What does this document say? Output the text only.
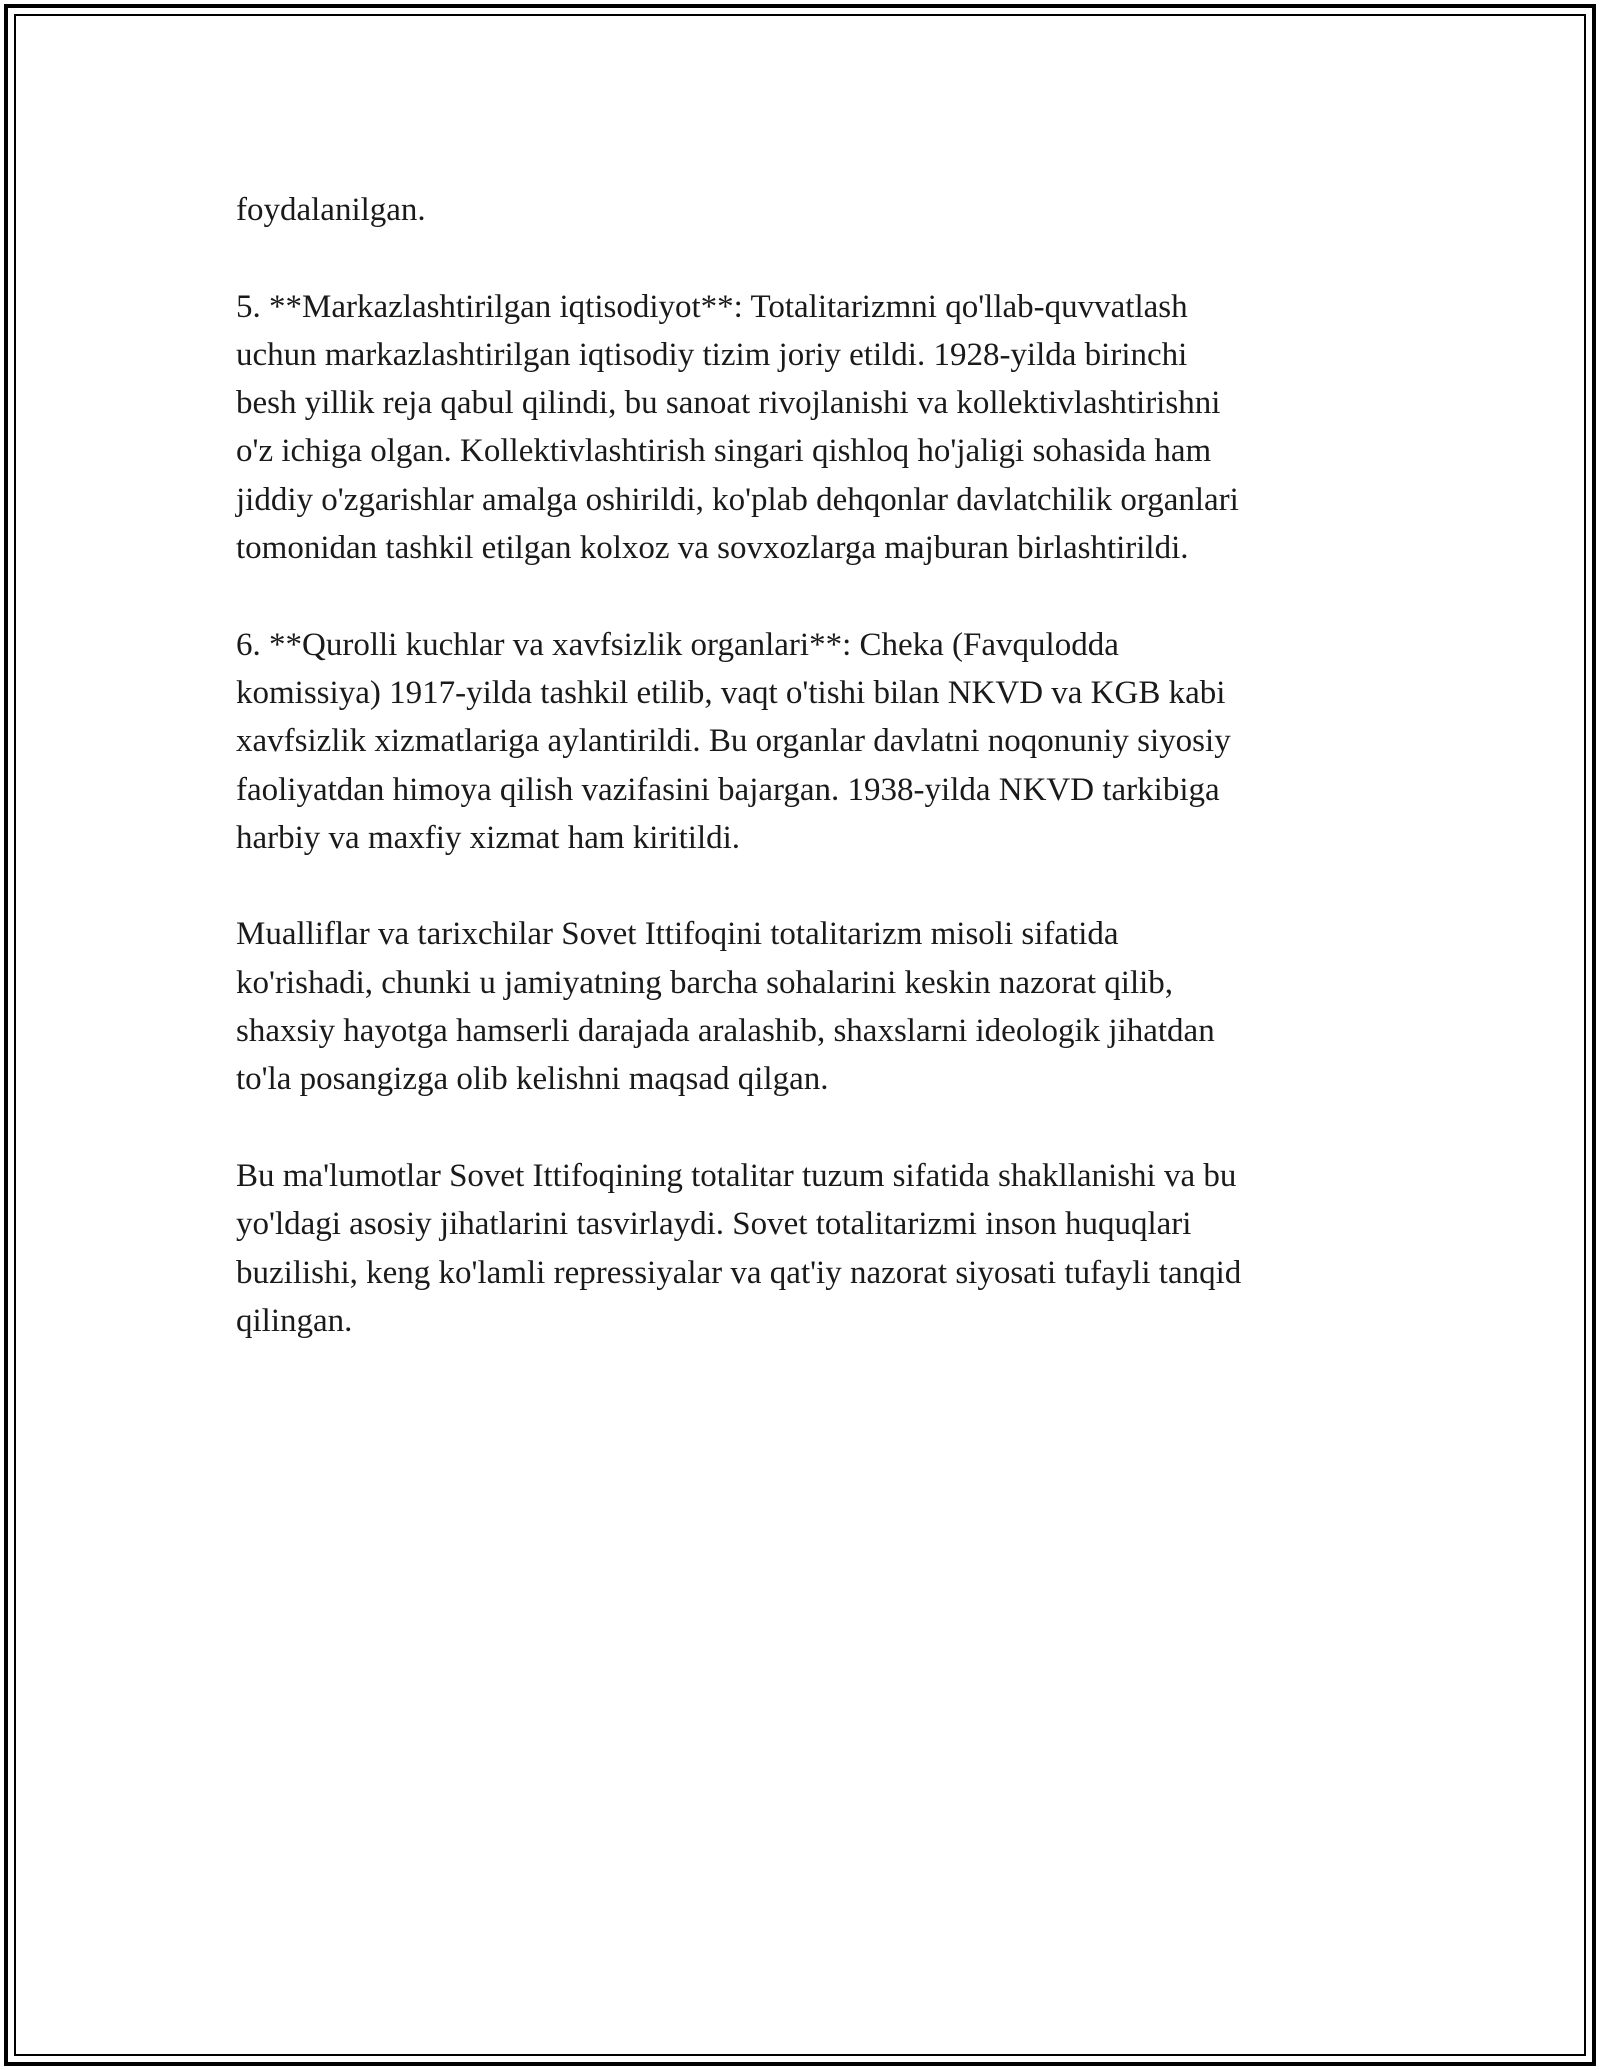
foydalanilgan.
5. **Markazlashtirilgan iqtisodiyot**: Totalitarizmni qo'llab-quvvatlash
uchun markazlashtirilgan iqtisodiy tizim joriy etildi. 1928-yilda birinchi
besh yillik reja qabul qilindi, bu sanoat rivojlanishi va kollektivlashtirishni
o'z ichiga olgan. Kollektivlashtirish singari qishloq ho'jaligi sohasida ham
jiddiy o'zgarishlar amalga oshirildi, ko'plab dehqonlar davlatchilik organlari
tomonidan tashkil etilgan kolxoz va sovxozlarga majburan birlashtirildi.
6. **Qurolli kuchlar va xavfsizlik organlari**: Cheka (Favqulodda
komissiya) 1917-yilda tashkil etilib, vaqt o'tishi bilan NKVD va KGB kabi
xavfsizlik xizmatlariga aylantirildi. Bu organlar davlatni noqonuniy siyosiy
faoliyatdan himoya qilish vazifasini bajargan. 1938-yilda NKVD tarkibiga
harbiy va maxfiy xizmat ham kiritildi.
Mualliflar va tarixchilar Sovet Ittifoqini totalitarizm misoli sifatida
ko'rishadi, chunki u jamiyatning barcha sohalarini keskin nazorat qilib,
shaxsiy hayotga hamserli darajada aralashib, shaxslarni ideologik jihatdan
to'la posangizga olib kelishni maqsad qilgan.
Bu ma'lumotlar Sovet Ittifoqining totalitar tuzum sifatida shakllanishi va bu
yo'ldagi asosiy jihatlarini tasvirlaydi. Sovet totalitarizmi inson huquqlari
buzilishi, keng ko'lamli repressiyalar va qat'iy nazorat siyosati tufayli tanqid
qilingan.
